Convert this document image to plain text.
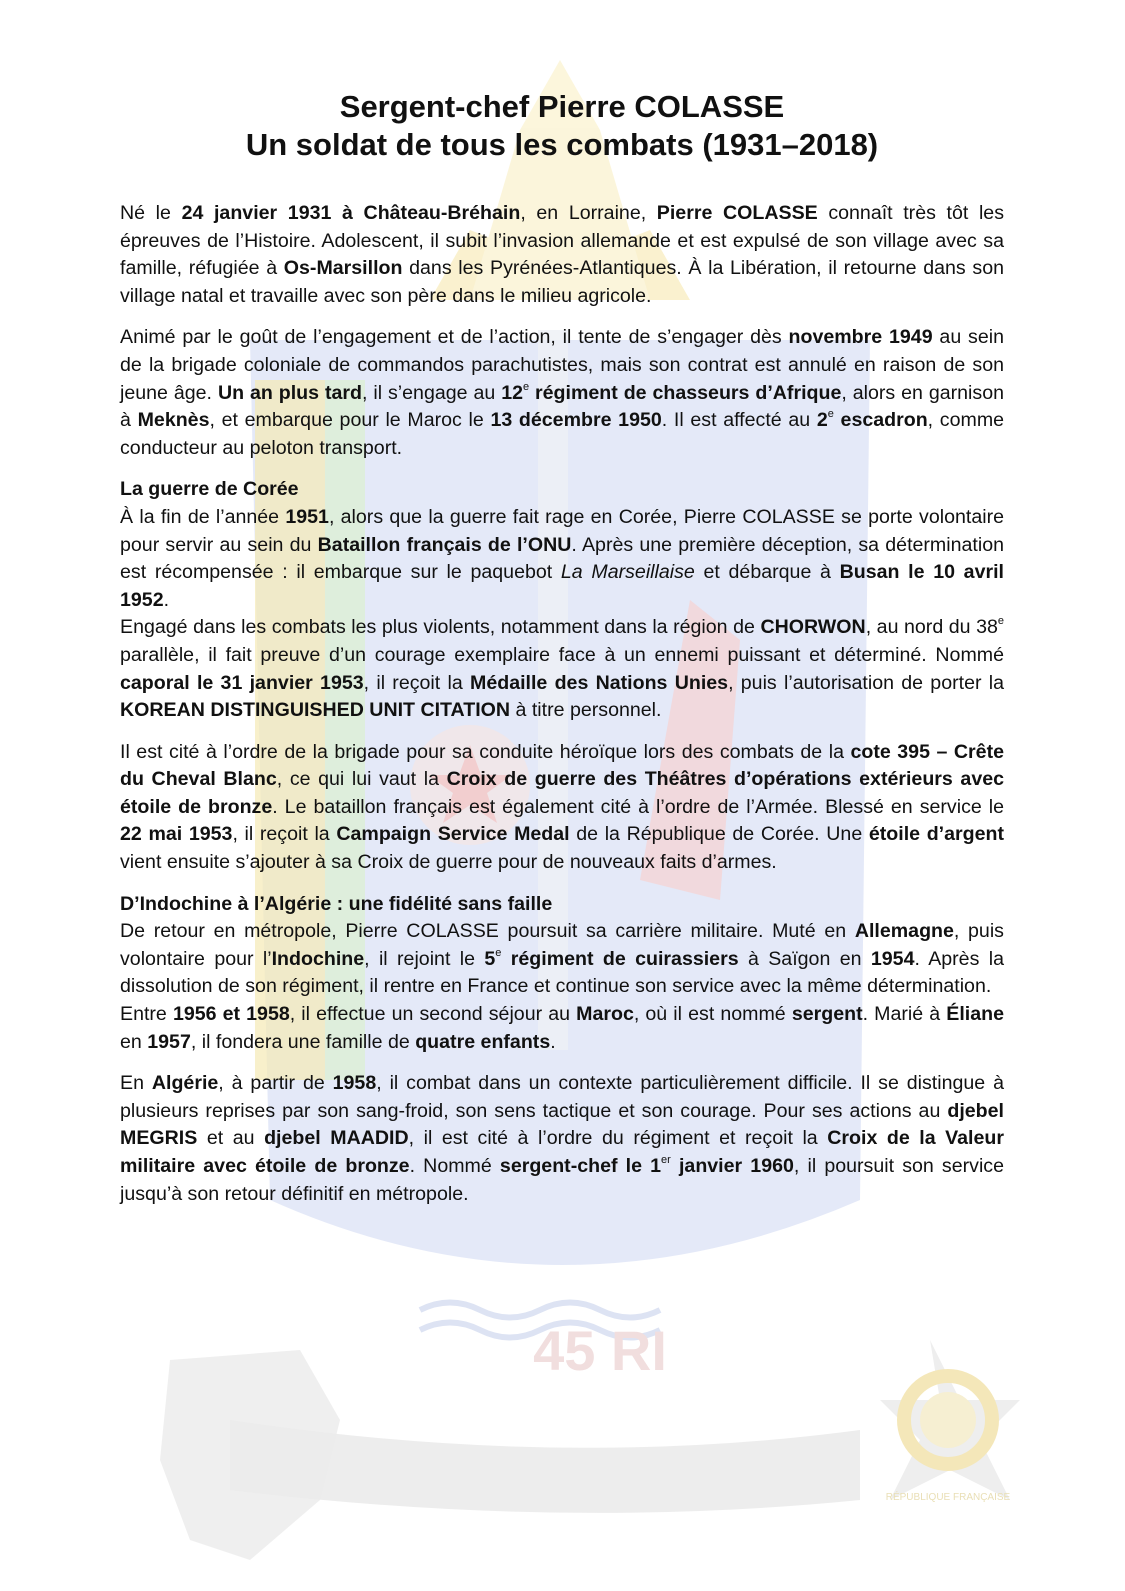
45 RI
RÉPUBLIQUE FRANÇAISE
Sergent-chef Pierre COLASSE
Un soldat de tous les combats (1931–2018)

Né le 24 janvier 1931 à Château-Bréhain, en Lorraine, Pierre COLASSE connaît très tôt les épreuves de l’Histoire. Adolescent, il subit l’invasion allemande et est expulsé de son village avec sa famille, réfugiée à Os-Marsillon dans les Pyrénées-Atlantiques. À la Libération, il retourne dans son village natal et travaille avec son père dans le milieu agricole.

Animé par le goût de l’engagement et de l’action, il tente de s’engager dès novembre 1949 au sein de la brigade coloniale de commandos parachutistes, mais son contrat est annulé en raison de son jeune âge. Un an plus tard, il s’engage au 12e régiment de chasseurs d’Afrique, alors en garnison à Meknès, et embarque pour le Maroc le 13 décembre 1950. Il est affecté au 2e escadron, comme conducteur au peloton transport.

La guerre de Corée

À la fin de l’année 1951, alors que la guerre fait rage en Corée, Pierre COLASSE se porte volontaire pour servir au sein du Bataillon français de l’ONU. Après une première déception, sa détermination est récompensée : il embarque sur le paquebot La Marseillaise et débarque à Busan le 10 avril 1952.

Engagé dans les combats les plus violents, notamment dans la région de CHORWON, au nord du 38e parallèle, il fait preuve d’un courage exemplaire face à un ennemi puissant et déterminé. Nommé caporal le 31 janvier 1953, il reçoit la Médaille des Nations Unies, puis l’autorisation de porter la KOREAN DISTINGUISHED UNIT CITATION à titre personnel.

Il est cité à l’ordre de la brigade pour sa conduite héroïque lors des combats de la cote 395 – Crête du Cheval Blanc, ce qui lui vaut la Croix de guerre des Théâtres d’opérations extérieurs avec étoile de bronze. Le bataillon français est également cité à l’ordre de l’Armée. Blessé en service le 22 mai 1953, il reçoit la Campaign Service Medal de la République de Corée. Une étoile d’argent vient ensuite s’ajouter à sa Croix de guerre pour de nouveaux faits d’armes.

D’Indochine à l’Algérie : une fidélité sans faille

De retour en métropole, Pierre COLASSE poursuit sa carrière militaire. Muté en Allemagne, puis volontaire pour l’Indochine, il rejoint le 5e régiment de cuirassiers à Saïgon en 1954. Après la dissolution de son régiment, il rentre en France et continue son service avec la même détermination.

Entre 1956 et 1958, il effectue un second séjour au Maroc, où il est nommé sergent. Marié à Éliane en 1957, il fondera une famille de quatre enfants.

En Algérie, à partir de 1958, il combat dans un contexte particulièrement difficile. Il se distingue à plusieurs reprises par son sang-froid, son sens tactique et son courage. Pour ses actions au djebel MEGRIS et au djebel MAADID, il est cité à l’ordre du régiment et reçoit la Croix de la Valeur militaire avec étoile de bronze. Nommé sergent-chef le 1er janvier 1960, il poursuit son service jusqu’à son retour définitif en métropole.
